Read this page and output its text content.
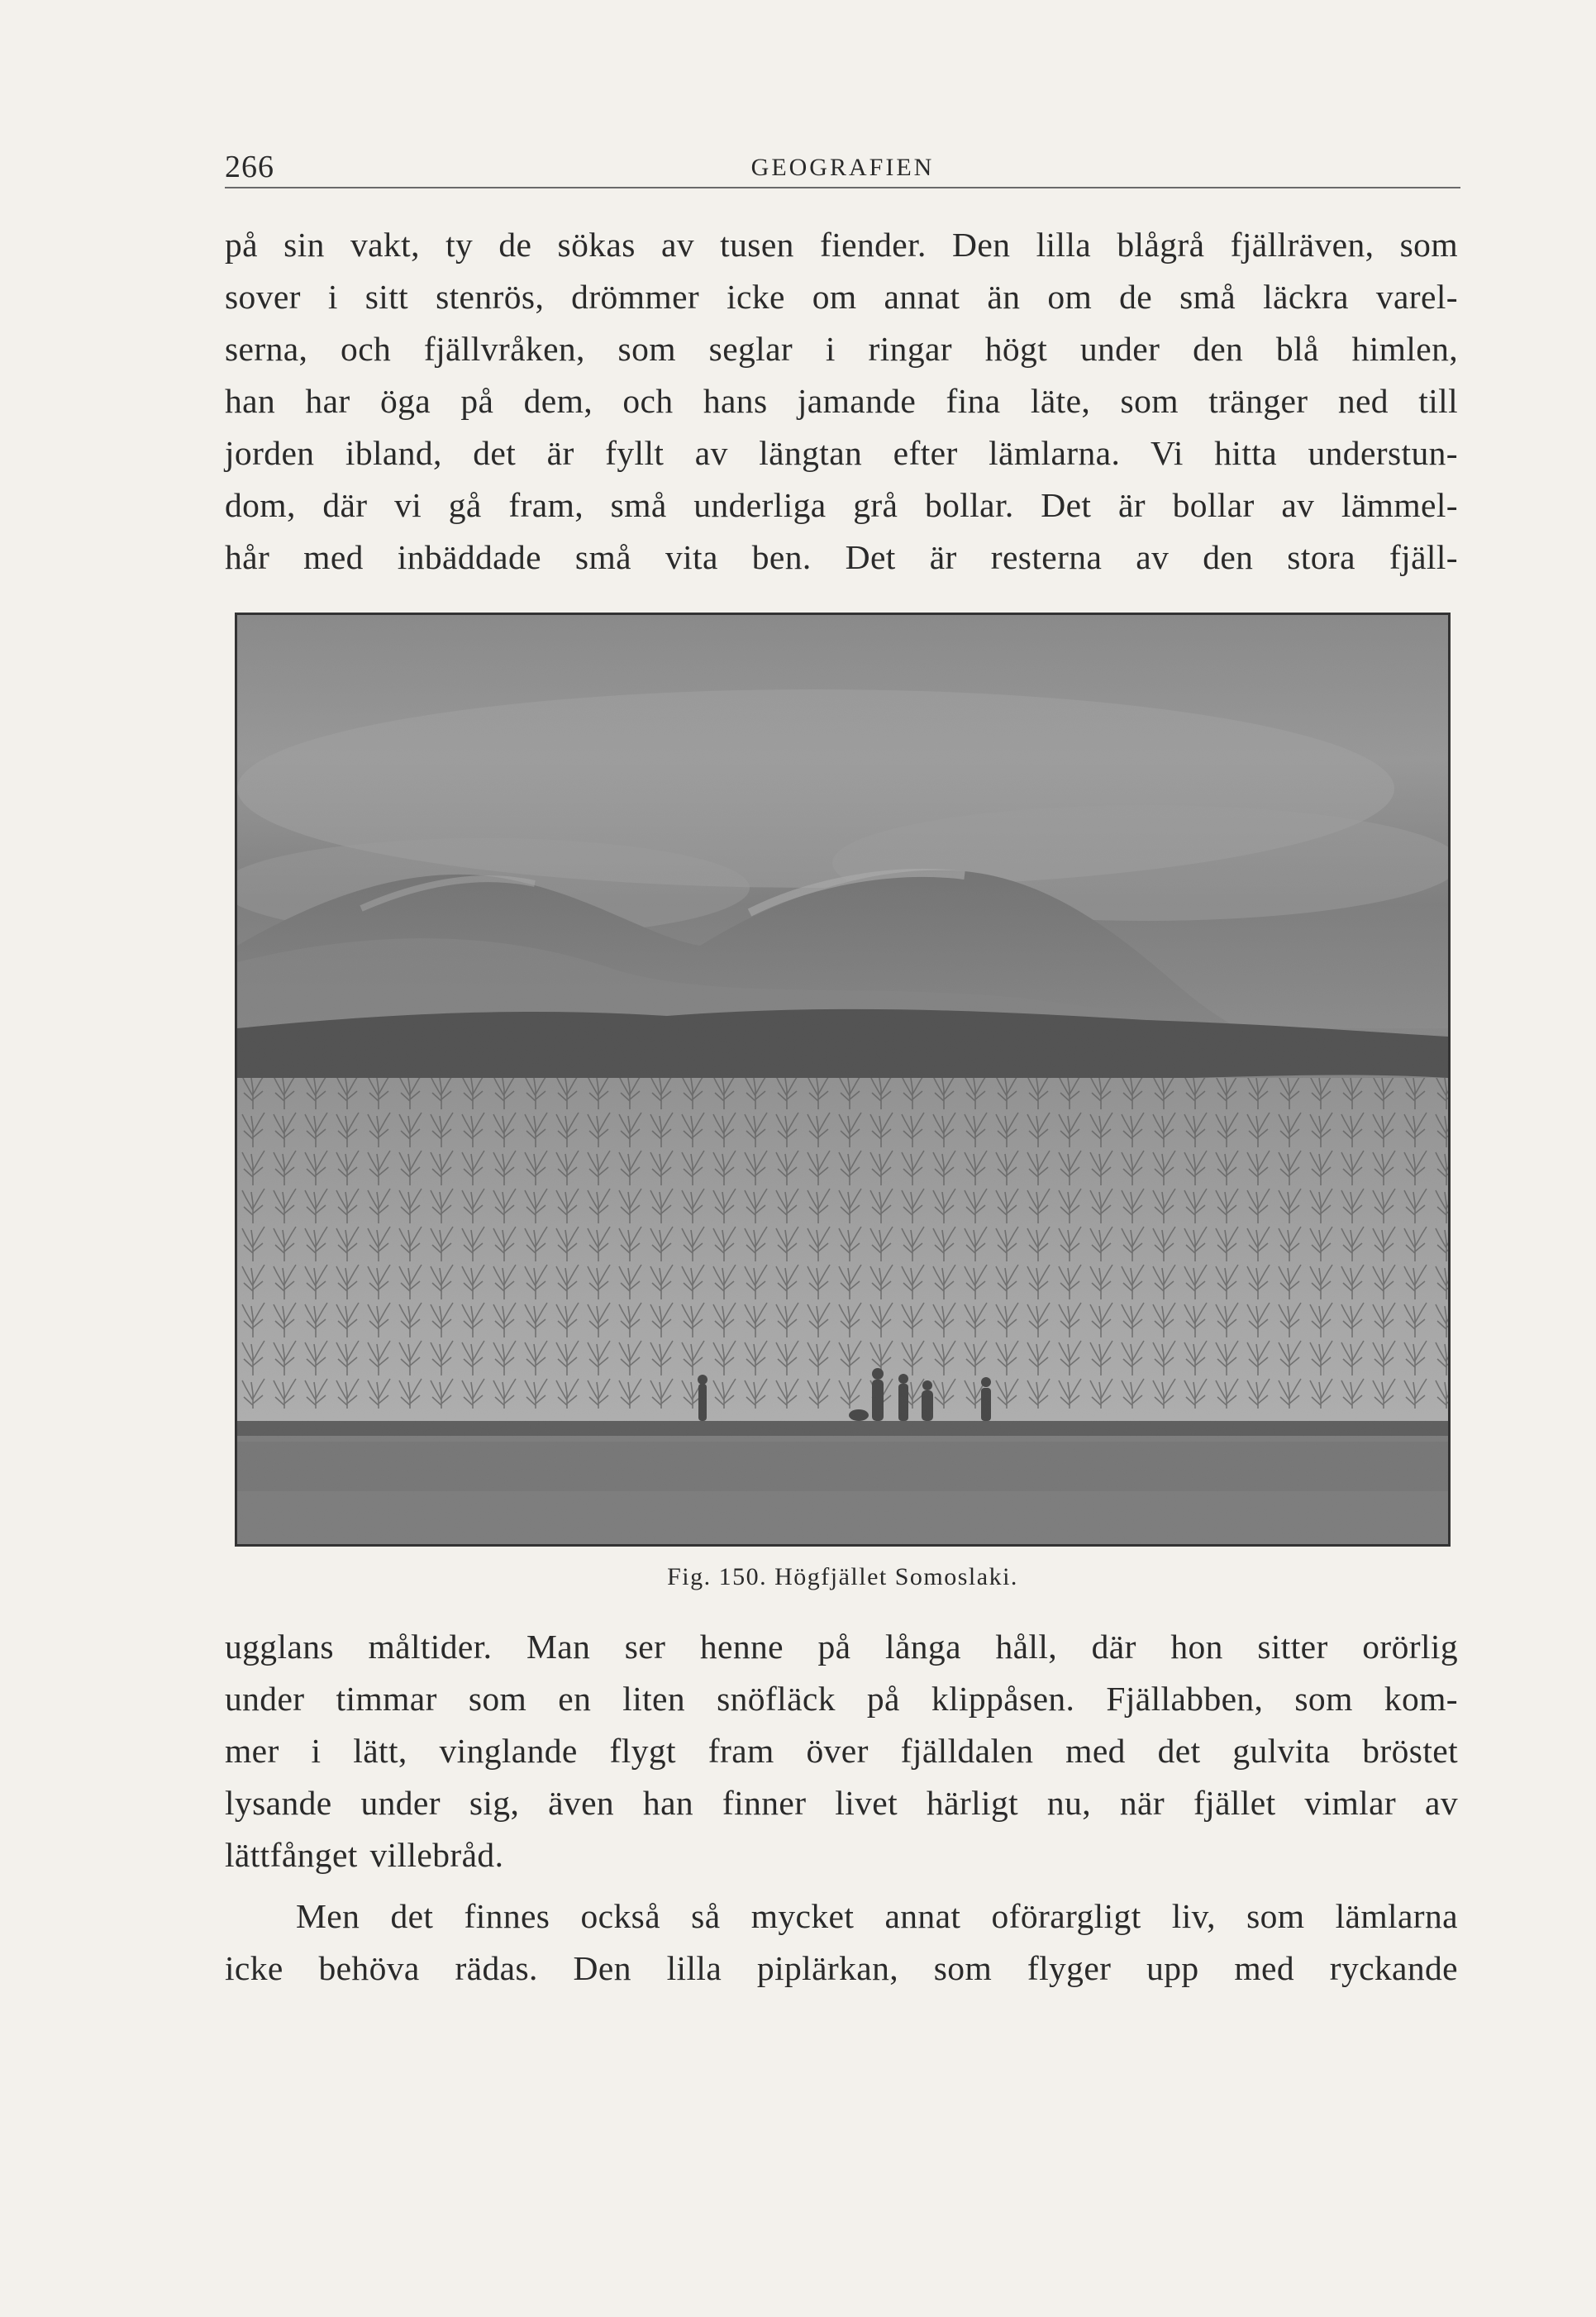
266	GEOGRAFIEN

på sin vakt, ty de sökas av tusen fiender. Den lilla blågrå fjällräven, som
sover i sitt stenrös, drömmer icke om annat än om de små läckra varel-
serna, och fjällvråken, som seglar i ringar högt under den blå himlen,
han har öga på dem, och hans jamande fina läte, som tränger ned till
jorden ibland, det är fyllt av längtan efter lämlarna. Vi hitta understun-
dom, där vi gå fram, små underliga grå bollar. Det är bollar av lämmel-
hår med inbäddade små vita ben. Det är resterna av den stora fjäll-

Fig. 150. Högfjället Somoslaki.

ugglans måltider. Man ser henne på långa håll, där hon sitter orörlig
under timmar som en liten snöfläck på klippåsen. Fjällabben, som kom-
mer i lätt, vinglande flygt fram över fjälldalen med det gulvita bröstet
lysande under sig, även han finner livet härligt nu, när fjället vimlar av
lättfånget villebråd.

Men det finnes också så mycket annat oförargligt liv, som lämlarna
icke behöva rädas. Den lilla piplärkan, som flyger upp med ryckande
